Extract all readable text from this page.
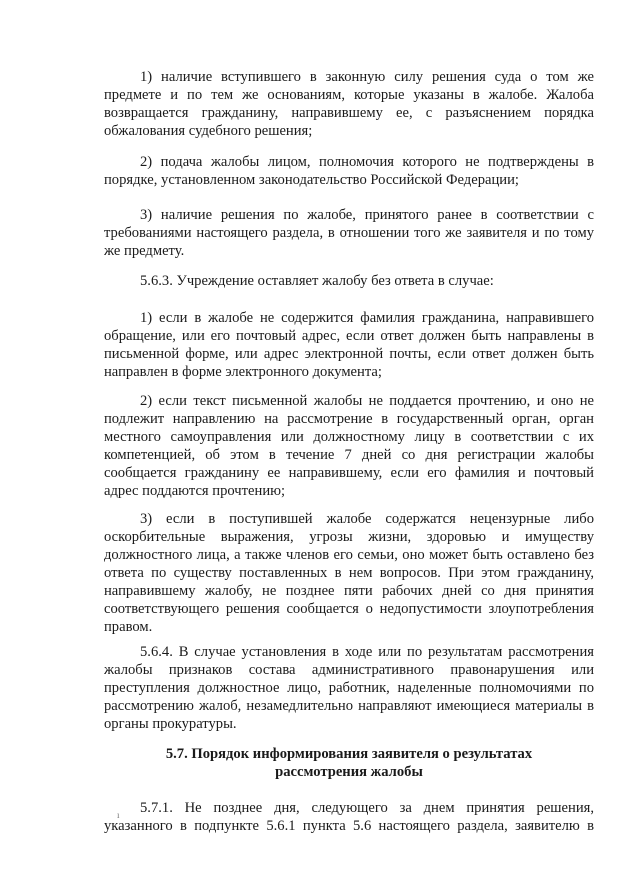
1) наличие вступившего в законную силу решения суда о том же
предмете и по тем же основаниям, которые указаны в жалобе. Жалоба
возвращается гражданину, направившему ее, с разъяснением порядка
обжалования судебного решения;
2) подача жалобы лицом, полномочия которого не подтверждены в
порядке, установленном законодательство Российской Федерации;
3) наличие решения по жалобе, принятого ранее в соответствии с
требованиями настоящего раздела, в отношении того же заявителя и по тому
же предмету.
5.6.3. Учреждение оставляет жалобу без ответа в случае:
1) если в жалобе не содержится фамилия гражданина, направившего
обращение, или его почтовый адрес, если ответ должен быть направлены в
письменной форме, или адрес электронной почты, если ответ должен быть
направлен в форме электронного документа;
2) если текст письменной жалобы не поддается прочтению, и оно не
подлежит направлению на рассмотрение в государственный орган, орган
местного самоуправления или должностному лицу в соответствии с их
компетенцией, об этом в течение 7 дней со дня регистрации жалобы
сообщается гражданину ее направившему, если его фамилия и почтовый
адрес поддаются прочтению;
3) если в поступившей жалобе содержатся нецензурные либо
оскорбительные выражения, угрозы жизни, здоровью и имуществу
должностного лица, а также членов его семьи, оно может быть оставлено без
ответа по существу поставленных в нем вопросов. При этом гражданину,
направившему жалобу, не позднее пяти рабочих дней со дня принятия
соответствующего решения сообщается о недопустимости злоупотребления
правом.
5.6.4. В случае установления в ходе или по результатам рассмотрения
жалобы признаков состава административного правонарушения или
преступления должностное лицо, работник, наделенные полномочиями по
рассмотрению жалоб, незамедлительно направляют имеющиеся материалы в
органы прокуратуры.
5.7. Порядок информирования заявителя о результатах
рассмотрения жалобы
ı	5.7.1. Не позднее дня, следующего за днем принятия решения,
указанного в подпункте 5.6.1 пункта 5.6 настоящего раздела, заявителю в
